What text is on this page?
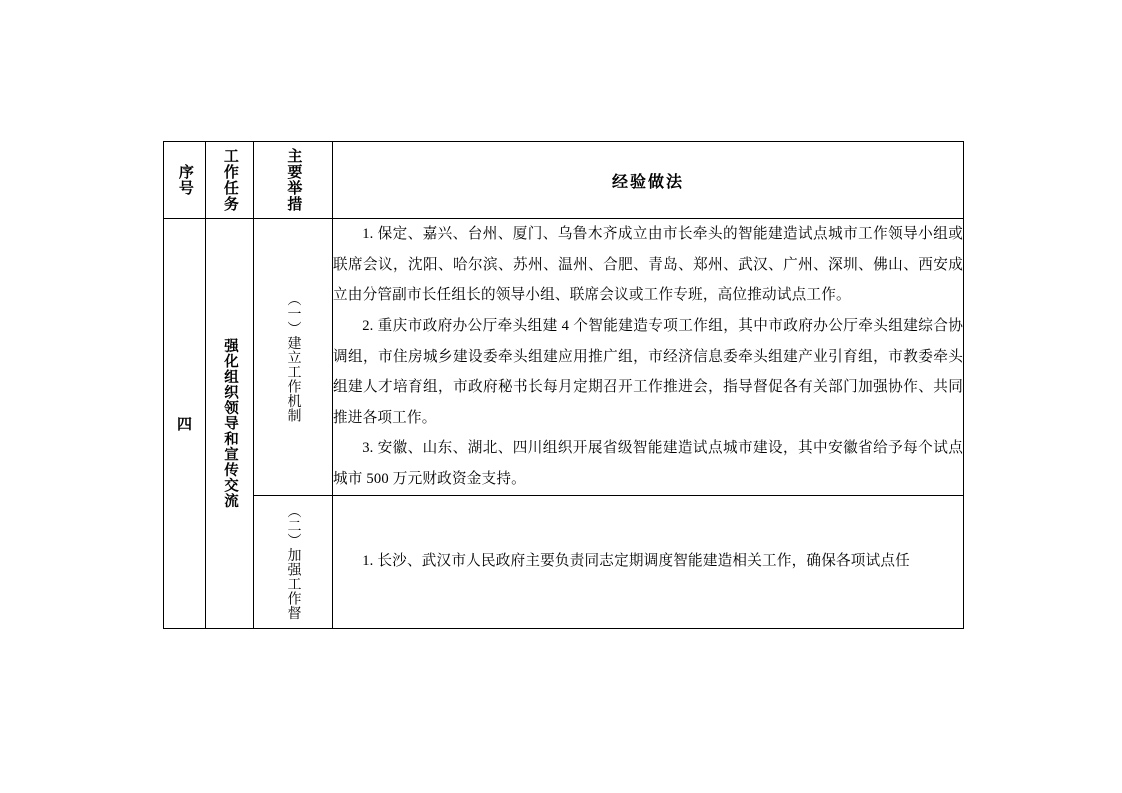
序号	工作任务	主要举措	经验做法
四	强化组织领导和宣传交流	（一）建立工作机制	1. 保定、嘉兴、台州、厦门、乌鲁木齐成立由市长牵头的智能建造试点城市工作领导小组或联席会议，沈阳、哈尔滨、苏州、温州、合肥、青岛、郑州、武汉、广州、深圳、佛山、西安成立由分管副市长任组长的领导小组、联席会议或工作专班，高位推动试点工作。

2. 重庆市政府办公厅牵头组建 4 个智能建造专项工作组，其中市政府办公厅牵头组建综合协调组，市住房城乡建设委牵头组建应用推广组，市经济信息委牵头组建产业引育组，市教委牵头组建人才培育组，市政府秘书长每月定期召开工作推进会，指导督促各有关部门加强协作、共同推进各项工作。

3. 安徽、山东、湖北、四川组织开展省级智能建造试点城市建设，其中安徽省给予每个试点城市 500 万元财政资金支持。

		（二）加强工作督	1. 长沙、武汉市人民政府主要负责同志定期调度智能建造相关工作，确保各项试点任
